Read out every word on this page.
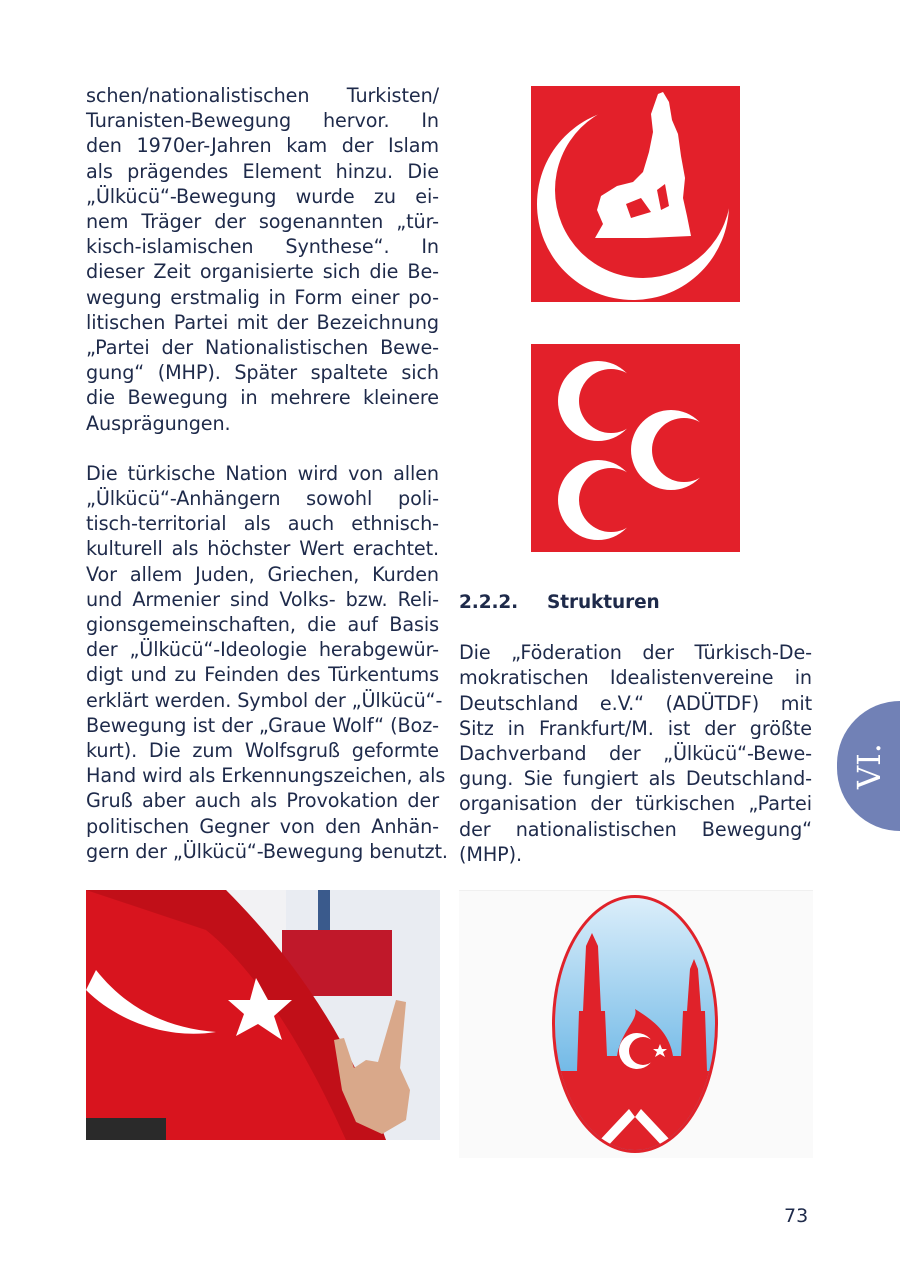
schen/nationalistischen Turkisten/
Turanisten-Bewegung hervor. In
den 1970er-Jahren kam der Islam
als prägendes Element hinzu. Die
„Ülkücü“-Bewegung wurde zu ei-
nem Träger der sogenannten „tür-
kisch-islamischen Synthese“. In
dieser Zeit organisierte sich die Be-
wegung erstmalig in Form einer po-
litischen Partei mit der Bezeichnung
„Partei der Nationalistischen Bewe-
gung“ (MHP). Später spaltete sich
die Bewegung in mehrere kleinere
Ausprägungen.

Die türkische Nation wird von allen
„Ülkücü“-Anhängern sowohl poli-
tisch-territorial als auch ethnisch-
kulturell als höchster Wert erachtet.
Vor allem Juden, Griechen, Kurden
und Armenier sind Volks- bzw. Reli-
gionsgemeinschaften, die auf Basis
der „Ülkücü“-Ideologie herabgewür-
digt und zu Feinden des Türkentums
erklärt werden. Symbol der „Ülkücü“-
Bewegung ist der „Graue Wolf“ (Boz-
kurt). Die zum Wolfsgruß geformte
Hand wird als Erkennungszeichen, als
Gruß aber auch als Provokation der
politischen Gegner von den Anhän-
gern der „Ülkücü“-Bewegung benutzt.

2.2.2.	Strukturen

Die „Föderation der Türkisch-De-
mokratischen Idealistenvereine in
Deutschland e.V.“ (ADÜTDF) mit
Sitz in Frankfurt/M. ist der größte
Dachverband der „Ülkücü“-Bewe-
gung. Sie fungiert als Deutschland-
organisation der türkischen „Partei
der nationalistischen Bewegung“
(MHP).

VI.
73
